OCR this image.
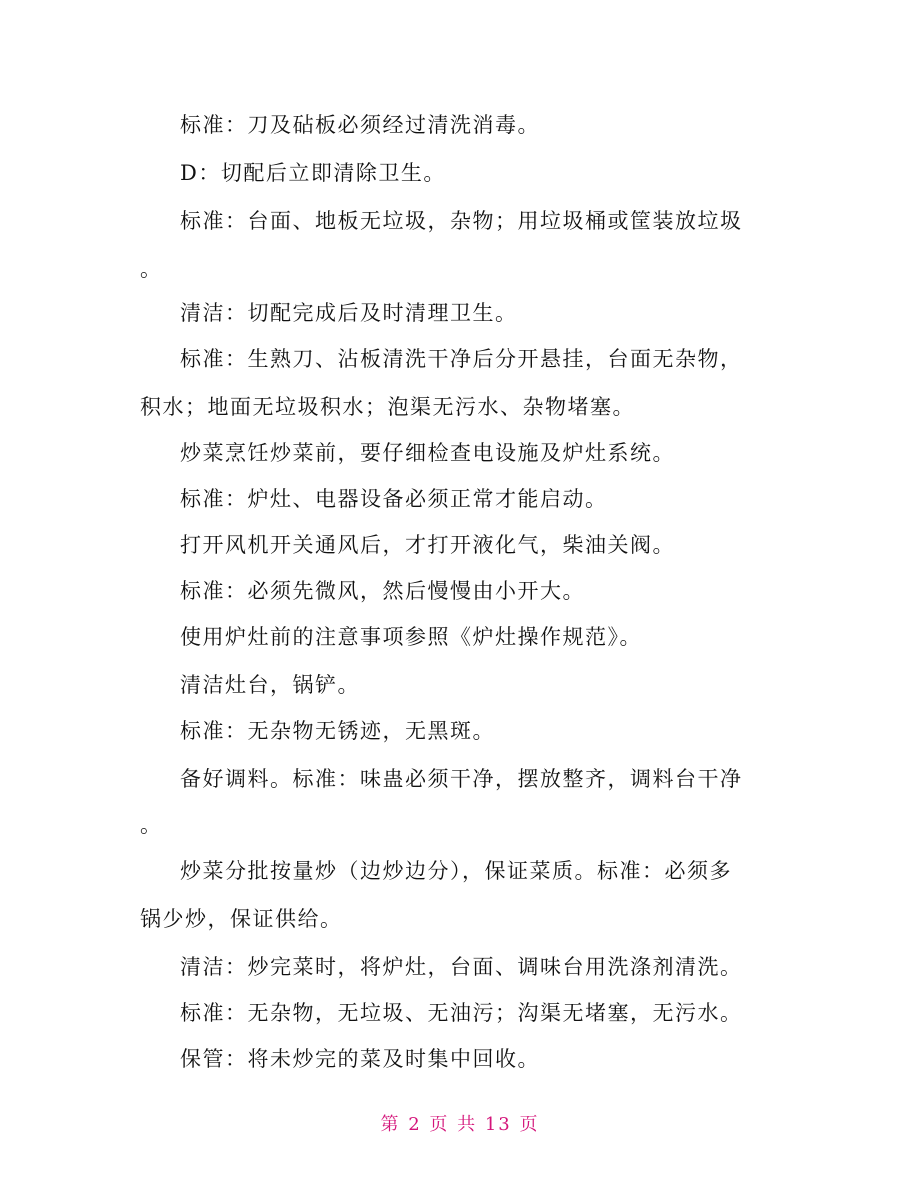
标准：刀及砧板必须经过清洗消毒。
D：切配后立即清除卫生。
标准：台面、地板无垃圾，杂物；用垃圾桶或筐装放垃圾
。
清洁：切配完成后及时清理卫生。
标准：生熟刀、沾板清洗干净后分开悬挂，台面无杂物，
积水；地面无垃圾积水；泡渠无污水、杂物堵塞。
炒菜烹饪炒菜前，要仔细检查电设施及炉灶系统。
标准：炉灶、电器设备必须正常才能启动。
打开风机开关通风后，才打开液化气，柴油关阀。
标准：必须先微风，然后慢慢由小开大。
使用炉灶前的注意事项参照《炉灶操作规范》。
清洁灶台，锅铲。
标准：无杂物无锈迹，无黑斑。
备好调料。标准：味蛊必须干净，摆放整齐，调料台干净
。
炒菜分批按量炒（边炒边分），保证菜质。标准：必须多
锅少炒，保证供给。
清洁：炒完菜时，将炉灶，台面、调味台用洗涤剂清洗。
标准：无杂物，无垃圾、无油污；沟渠无堵塞，无污水。
保管：将未炒完的菜及时集中回收。
第 2 页 共 13 页
